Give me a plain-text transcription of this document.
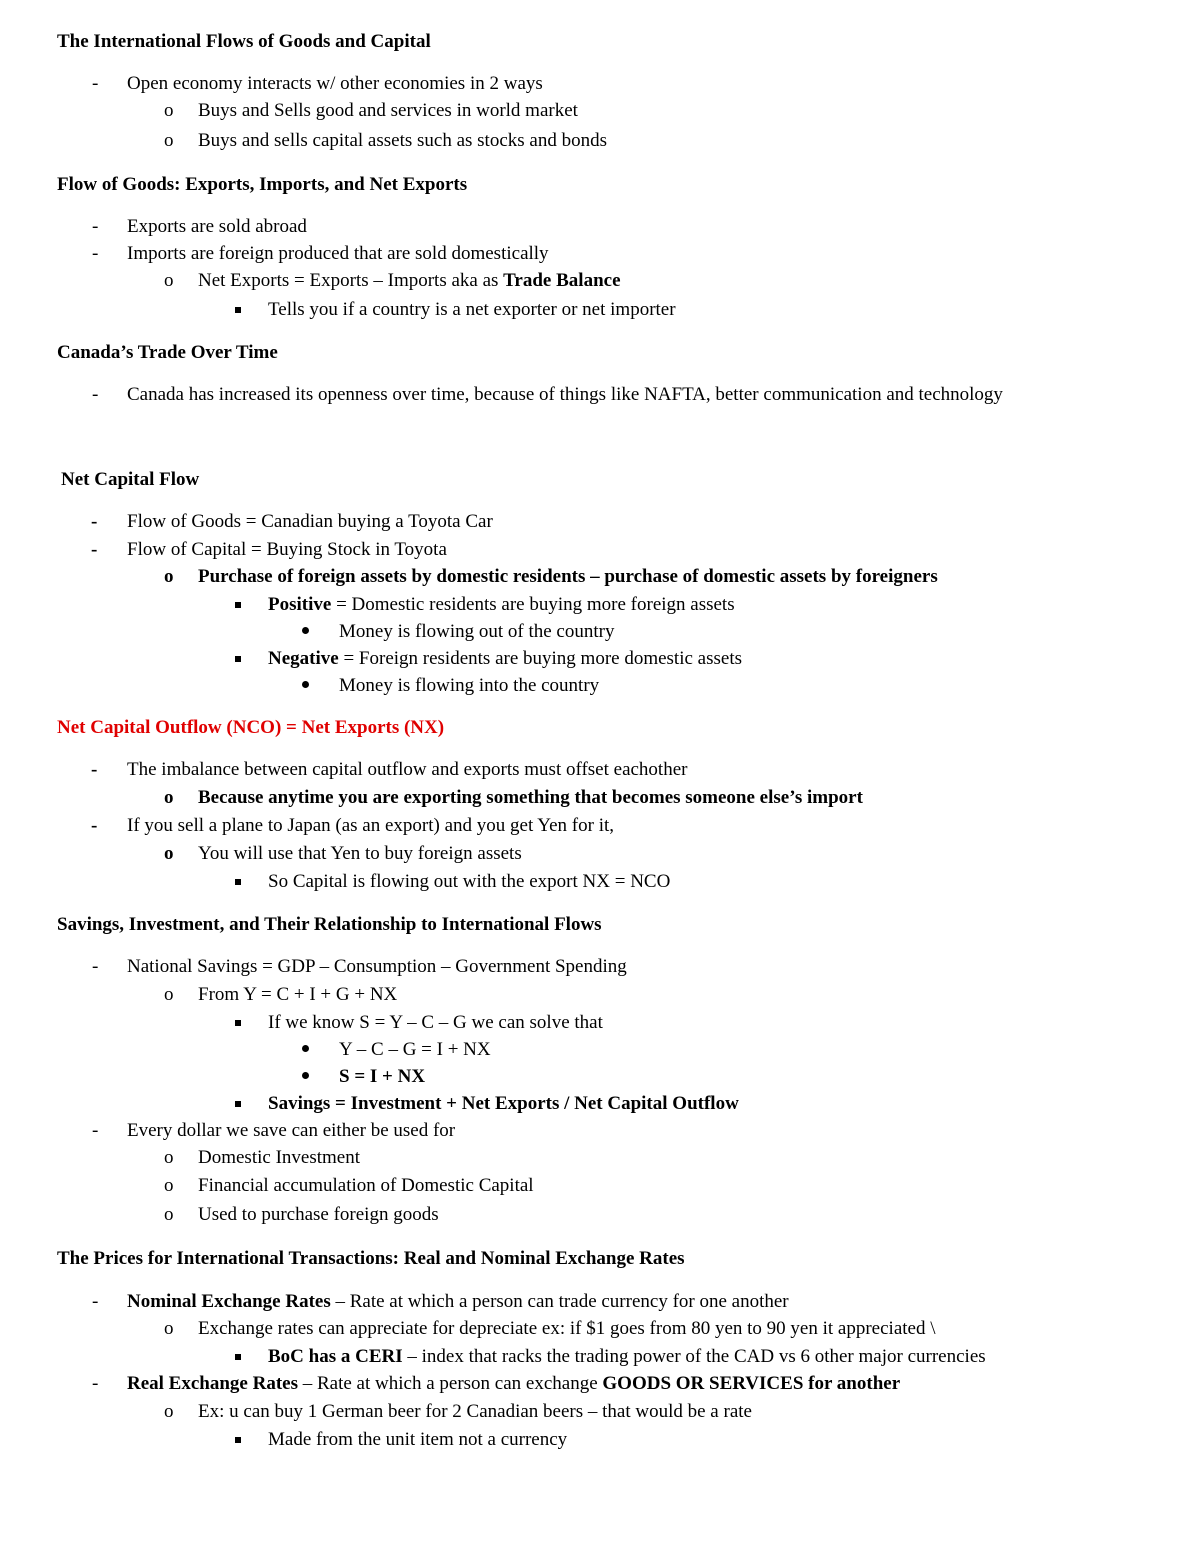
The International Flows of Goods and Capital
- Open economy interacts w/ other economies in 2 ways
o Buys and Sells good and services in world market
o Buys and sells capital assets such as stocks and bonds
Flow of Goods: Exports, Imports, and Net Exports
- Exports are sold abroad
- Imports are foreign produced that are sold domestically
o Net Exports = Exports – Imports aka as Trade Balance
Tells you if a country is a net exporter or net importer
Canada’s Trade Over Time
- Canada has increased its openness over time, because of things like NAFTA, better communication and technology
Net Capital Flow
- Flow of Goods = Canadian buying a Toyota Car
- Flow of Capital = Buying Stock in Toyota
o Purchase of foreign assets by domestic residents – purchase of domestic assets by foreigners
Positive = Domestic residents are buying more foreign assets
Money is flowing out of the country
Negative = Foreign residents are buying more domestic assets
Money is flowing into the country
Net Capital Outflow (NCO) = Net Exports (NX)
- The imbalance between capital outflow and exports must offset eachother
o Because anytime you are exporting something that becomes someone else’s import
- If you sell a plane to Japan (as an export) and you get Yen for it,
o You will use that Yen to buy foreign assets
So Capital is flowing out with the export NX = NCO
Savings, Investment, and Their Relationship to International Flows
- National Savings = GDP – Consumption – Government Spending
o From Y = C + I + G + NX
If we know S = Y – C – G we can solve that
Y – C – G = I + NX
S = I + NX
Savings = Investment + Net Exports / Net Capital Outflow
- Every dollar we save can either be used for
o Domestic Investment
o Financial accumulation of Domestic Capital
o Used to purchase foreign goods
The Prices for International Transactions: Real and Nominal Exchange Rates
- Nominal Exchange Rates – Rate at which a person can trade currency for one another
o Exchange rates can appreciate for depreciate ex: if $1 goes from 80 yen to 90 yen it appreciated \
BoC has a CERI – index that racks the trading power of the CAD vs 6 other major currencies
- Real Exchange Rates – Rate at which a person can exchange GOODS OR SERVICES for another
o Ex: u can buy 1 German beer for 2 Canadian beers – that would be a rate
Made from the unit item not a currency
